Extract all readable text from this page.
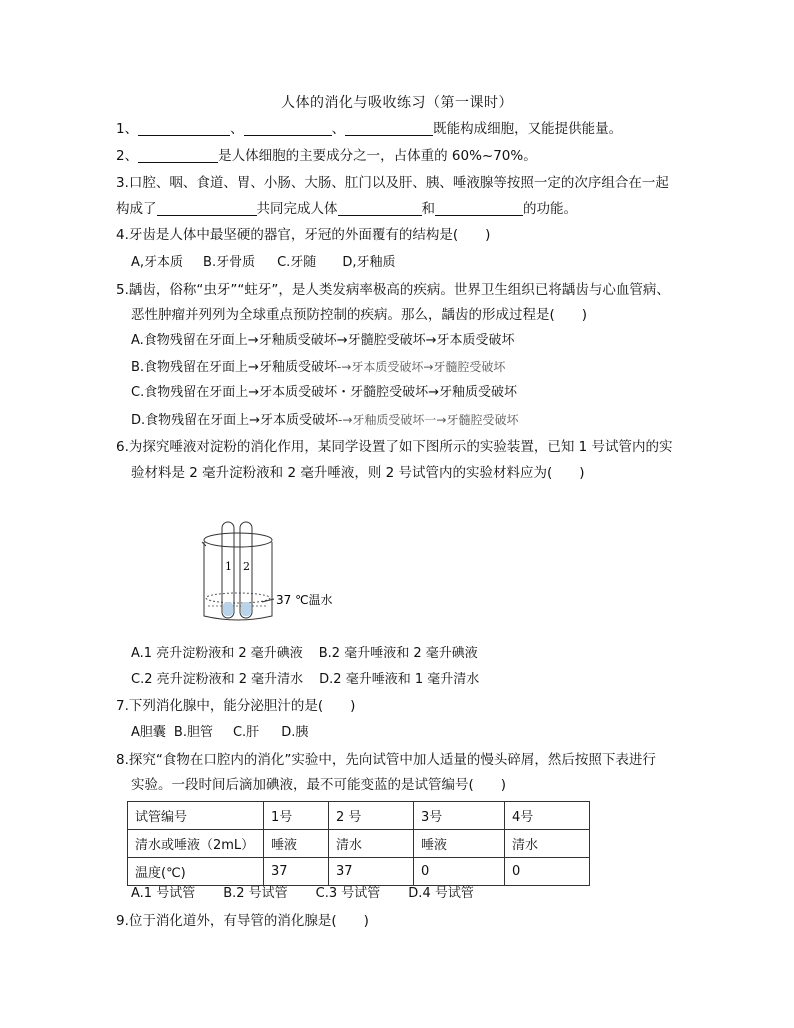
人体的消化与吸收练习（第一课时）
1、	、	、	既能构成细胞，又能提供能量。
2、	是人体细胞的主要成分之一，占体重的 60%~70%。
3.口腔、咽、食道、胃、小肠、大肠、肛门以及肝、胰、唾液腺等按照一定的次序组合在一起
构成了	共同完成人体	和	的功能。
4.牙齿是人体中最坚硬的器官，牙冠的外面覆有的结构是(　　)
A,牙本质 B.牙骨质 C.牙随 D,牙釉质
5.龋齿，俗称“虫牙”“蛀牙”，是人类发病率极高的疾病。世界卫生组织已将龋齿与心血管病、
恶性肿瘤并列列为全球重点预防控制的疾病。那么，龋齿的形成过程是(　　)
A.食物残留在牙面上→牙釉质受破坏→牙髓腔受破坏→牙本质受破坏
B.食物残留在牙面上→牙釉质受破坏-→牙本质受破坏→牙髓腔受破坏
C.食物残留在牙面上→牙本质受破坏・牙髓腔受破坏→牙釉质受破坏
D.食物残留在牙面上→牙本质受破坏-→牙釉质受破坏一→牙髓腔受破坏
6.为探究唾液对淀粉的消化作用，某同学设置了如下图所示的实验装置，已知 1 号试管内的实
验材料是 2 毫升淀粉液和 2 毫升唾液，则 2 号试管内的实验材料应为(　　)
1 2
37 ℃温水
A.1 亮升淀粉液和 2 毫升碘液 B.2 毫升唾液和 2 毫升碘液
C.2 亮升淀粉液和 2 毫升清水 D.2 毫升唾液和 1 毫升清水
7.下列消化腺中，能分泌胆汁的是(　　)
A胆囊 B.胆管 C.肝 D.胰
8.探究“食物在口腔内的消化”实验中，先向试管中加人适量的慢头碎屑，然后按照下表进行
实验。一段时间后滴加碘液，最不可能变蓝的是试管编号(　　)
试管编号	1号	2 号	3号	4号
清水或唾液（2mL）	唾液	清水	唾液	清水
温度(℃)	37	37	0	0
A.1 号试管 B.2 号试管 C.3 号试管 D.4 号试管
9.位于消化道外，有导管的消化腺是(　　)
